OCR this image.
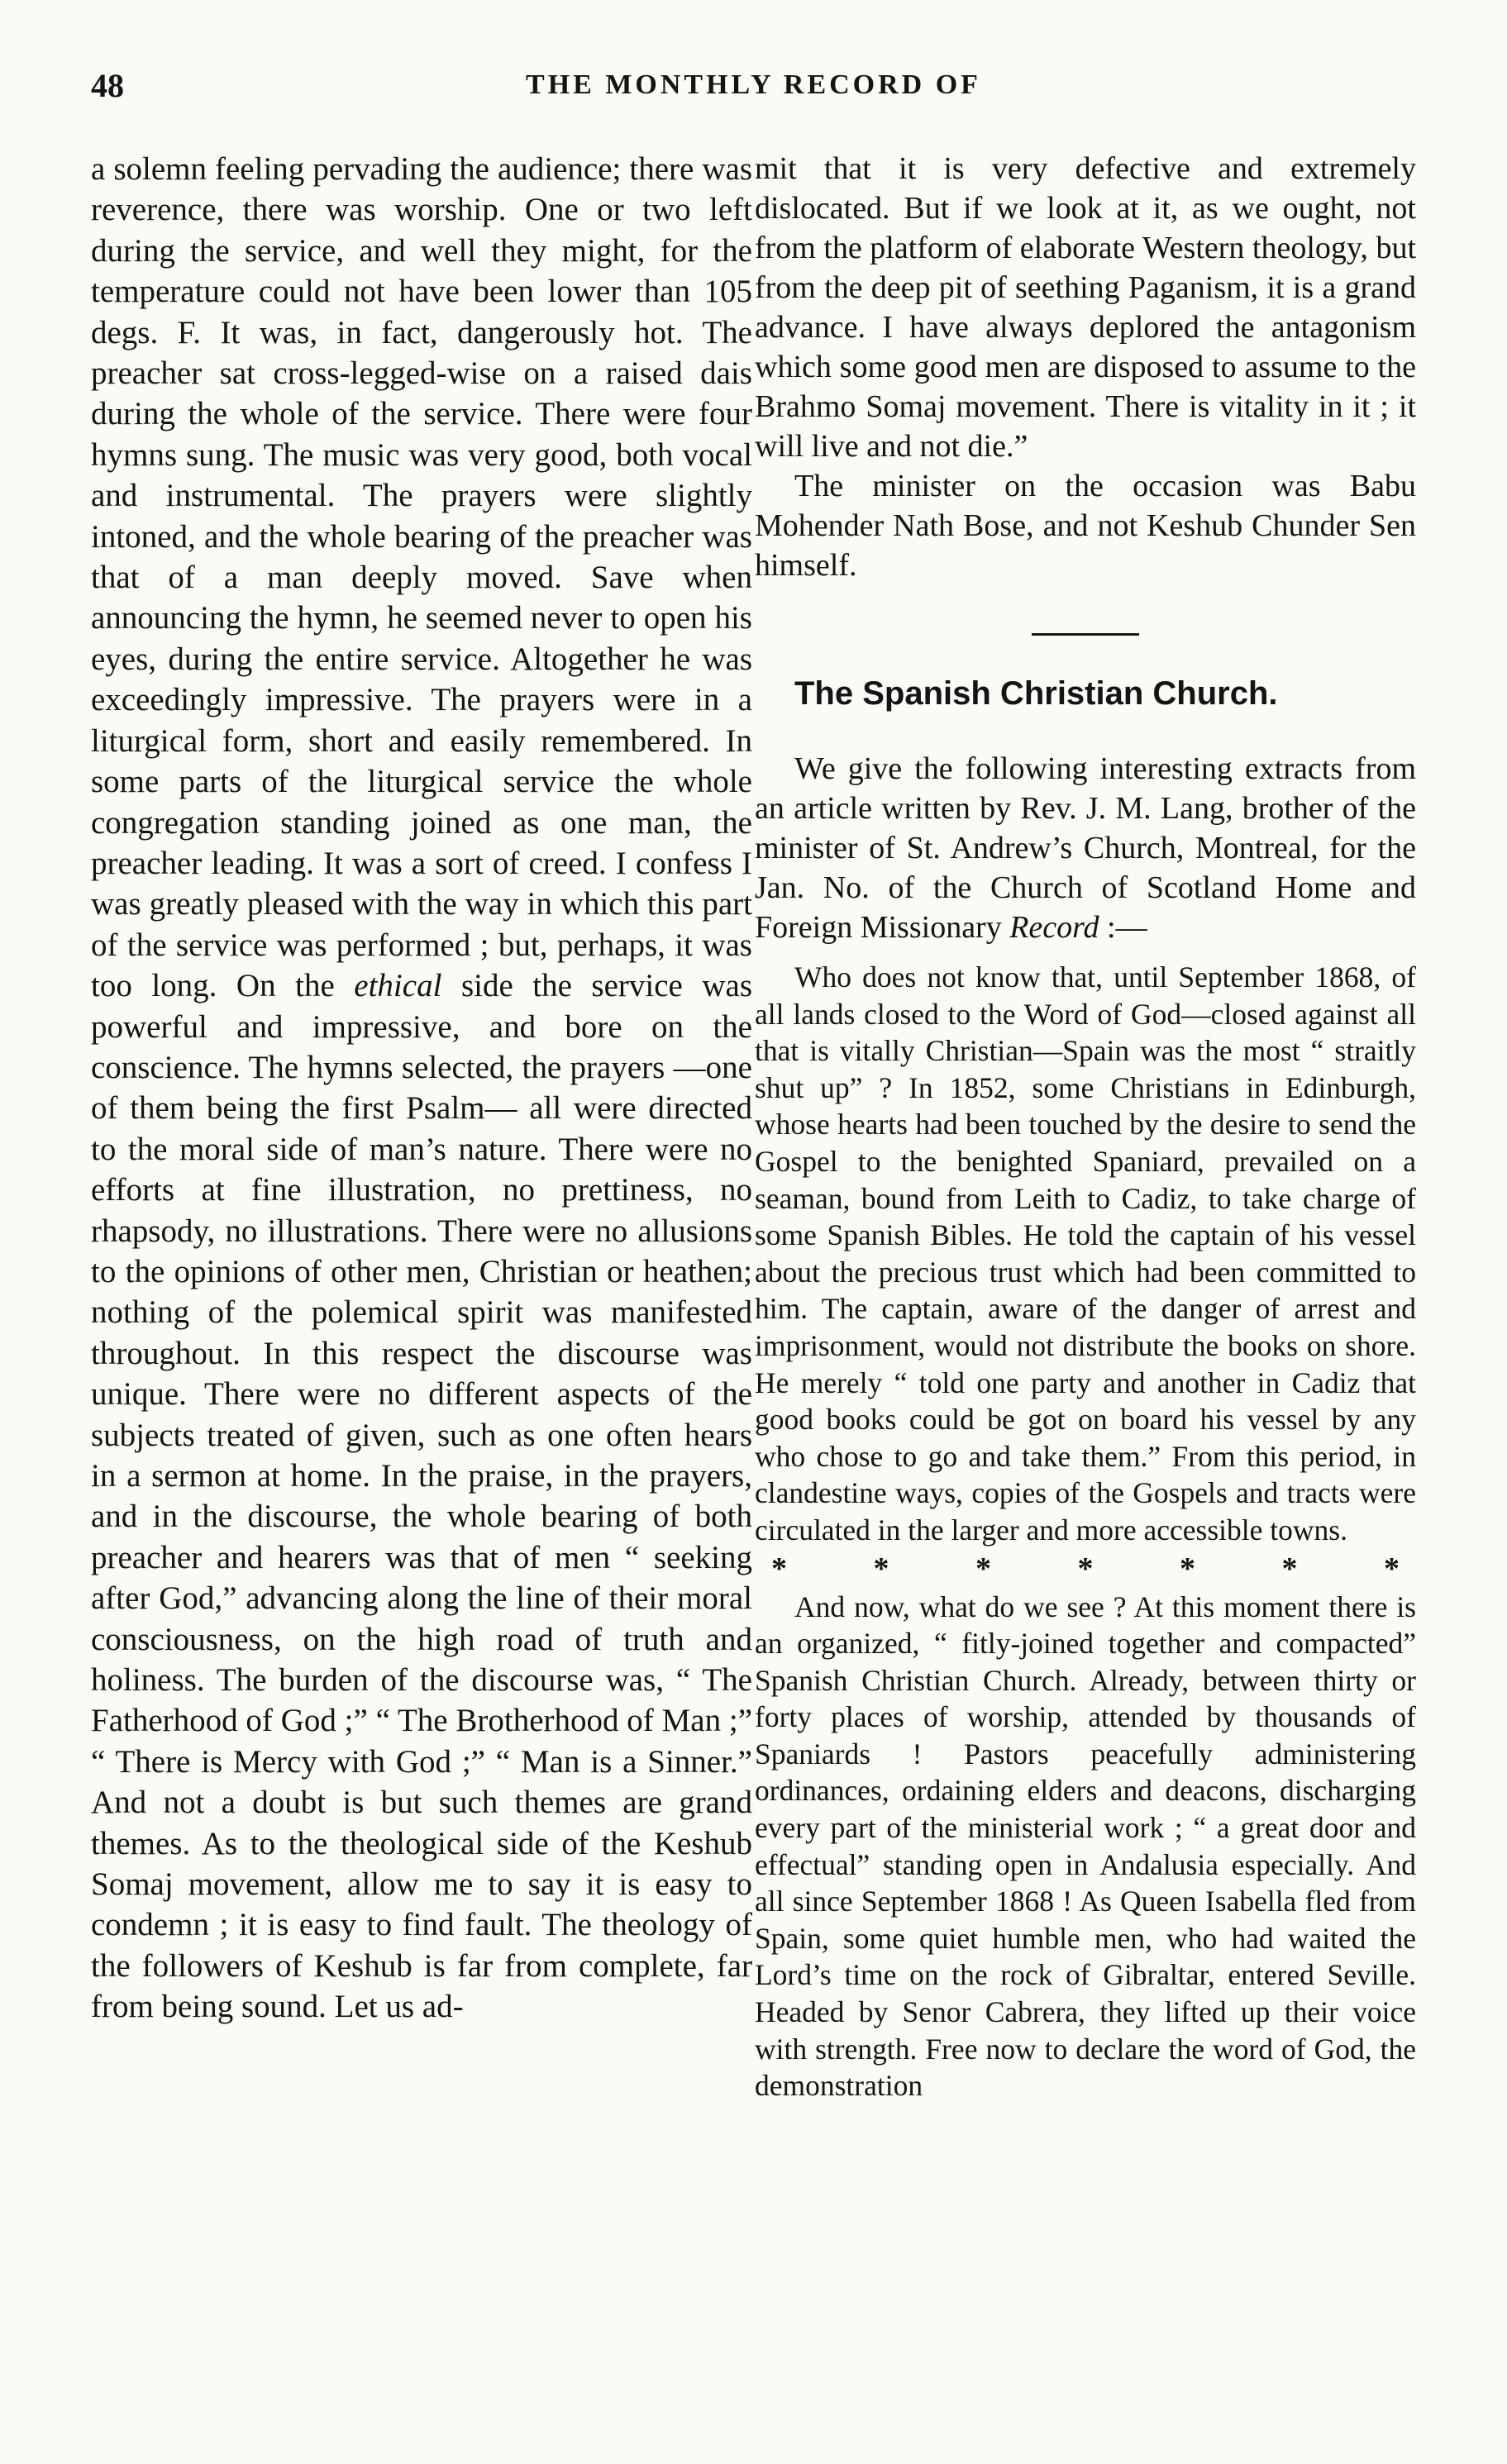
48	THE MONTHLY RECORD OF

a solemn feeling pervading the audience; there was reverence, there was worship. One or two left during the service, and well they might, for the temperature could not have been lower than 105 degs. F. It was, in fact, dangerously hot. The preacher sat cross-legged-wise on a raised dais during the whole of the service. There were four hymns sung. The music was very good, both vocal and instrumental. The prayers were slightly intoned, and the whole bearing of the preacher was that of a man deeply moved. Save when announcing the hymn, he seemed never to open his eyes, during the entire service. Altogether he was exceedingly impressive. The prayers were in a liturgical form, short and easily remembered. In some parts of the liturgical service the whole congregation standing joined as one man, the preacher leading. It was a sort of creed. I confess I was greatly pleased with the way in which this part of the service was performed ; but, perhaps, it was too long. On the ethical side the service was powerful and impressive, and bore on the conscience. The hymns selected, the prayers —one of them being the first Psalm— all were directed to the moral side of man’s nature. There were no efforts at fine illustration, no prettiness, no rhapsody, no illustrations. There were no allusions to the opinions of other men, Christian or heathen; nothing of the polemical spirit was manifested throughout. In this respect the discourse was unique. There were no different aspects of the subjects treated of given, such as one often hears in a sermon at home. In the praise, in the prayers, and in the discourse, the whole bearing of both preacher and hearers was that of men “ seeking after God,” advancing along the line of their moral consciousness, on the high road of truth and holiness. The burden of the discourse was, “ The Fatherhood of God ;” “ The Brotherhood of Man ;” “ There is Mercy with God ;” “ Man is a Sinner.” And not a doubt is but such themes are grand themes. As to the theological side of the Keshub Somaj movement, allow me to say it is easy to condemn ; it is easy to find fault. The theology of the followers of Keshub is far from complete, far from being sound. Let us ad-

mit that it is very defective and extremely dislocated. But if we look at it, as we ought, not from the platform of elaborate Western theology, but from the deep pit of seething Paganism, it is a grand advance. I have always deplored the antagonism which some good men are disposed to assume to the Brahmo Somaj movement. There is vitality in it ; it will live and not die.”

The minister on the occasion was Babu Mohender Nath Bose, and not Keshub Chunder Sen himself.

The Spanish Christian Church.

We give the following interesting extracts from an article written by Rev. J. M. Lang, brother of the minister of St. Andrew’s Church, Montreal, for the Jan. No. of the Church of Scotland Home and Foreign Missionary Record :—

Who does not know that, until September 1868, of all lands closed to the Word of God—closed against all that is vitally Christian—Spain was the most “ straitly shut up” ? In 1852, some Christians in Edinburgh, whose hearts had been touched by the desire to send the Gospel to the benighted Spaniard, prevailed on a seaman, bound from Leith to Cadiz, to take charge of some Spanish Bibles. He told the captain of his vessel about the precious trust which had been committed to him. The captain, aware of the danger of arrest and imprisonment, would not distribute the books on shore. He merely “ told one party and another in Cadiz that good books could be got on board his vessel by any who chose to go and take them.” From this period, in clandestine ways, copies of the Gospels and tracts were circulated in the larger and more accessible towns.

*	*	*	*	*	*	*

And now, what do we see ? At this moment there is an organized, “ fitly-joined together and compacted” Spanish Christian Church. Already, between thirty or forty places of worship, attended by thousands of Spaniards ! Pastors peacefully administering ordinances, ordaining elders and deacons, discharging every part of the ministerial work ; “ a great door and effectual” standing open in Andalusia especially. And all since September 1868 ! As Queen Isabella fled from Spain, some quiet humble men, who had waited the Lord’s time on the rock of Gibraltar, entered Seville. Headed by Senor Cabrera, they lifted up their voice with strength. Free now to declare the word of God, the demonstration
